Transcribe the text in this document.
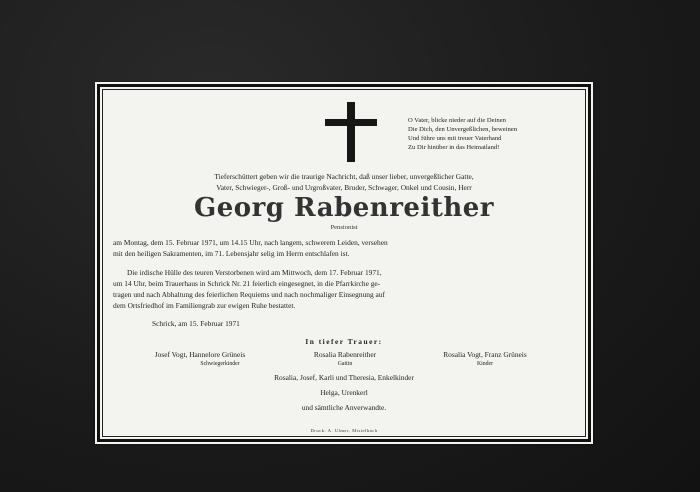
O Vater, blicke nieder auf die Deinen
Die Dich, den Unvergeßlichen, beweinen
Und führe uns mit treuer Vaterhand
Zu Dir hinüber in das Heimatland!
Tieferschüttert geben wir die traurige Nachricht, daß unser lieber, unvergeßlicher Gatte,
Vater, Schwieger-, Groß- und Urgroßvater, Bruder, Schwager, Onkel und Cousin, Herr
Georg Rabenreither
Pensionist
am Montag, dem 15. Februar 1971, um 14.15 Uhr, nach langem, schwerem Leiden, versehen
mit den heiligen Sakramenten, im 71. Lebensjahr selig im Herrn entschlafen ist.
Die irdische Hülle des teuren Verstorbenen wird am Mittwoch, dem 17. Februar 1971,
um 14 Uhr, beim Trauerhaus in Schrick Nr. 21 feierlich eingesegnet, in die Pfarrkirche ge-
tragen und nach Abhaltung des feierlichen Requiems und nach nochmaliger Einsegnung auf
dem Ortsfriedhof im Familiengrab zur ewigen Ruhe bestattet.
Schrick, am 15. Februar 1971
In tiefer Trauer:
Josef Vogt, Hannelore Grüneis
Schwiegerkinder
Rosalia Rabenreither
Gattin
Rosalia Vogt, Franz Grüneis
Kinder
Rosalia, Josef, Karli und Theresia, Enkelkinder
Helga, Urenkerl
und sämtliche Anverwandte.
Druck: A. Ulmer, Mistelbach
